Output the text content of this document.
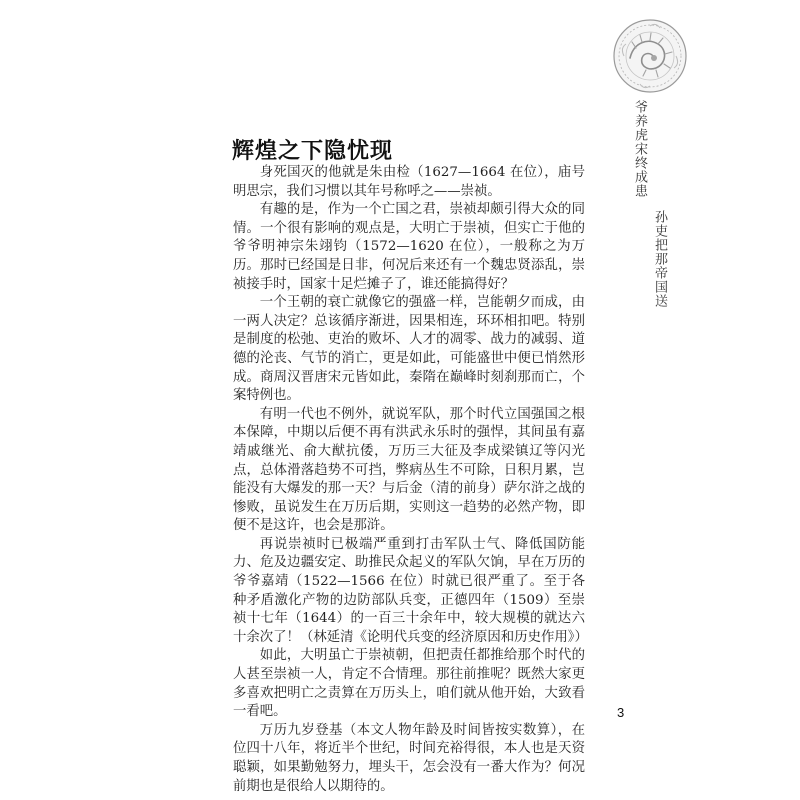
爷养虎宋终成患
孙吏把那帝国送
辉煌之下隐忧现

身死国灭的他就是朱由检（1627—1664 在位），庙号明思宗，我们习惯以其年号称呼之——崇祯。

有趣的是，作为一个亡国之君，崇祯却颇引得大众的同情。一个很有影响的观点是，大明亡于崇祯，但实亡于他的爷爷明神宗朱翊钧（1572—1620 在位），一般称之为万历。那时已经国是日非，何况后来还有一个魏忠贤添乱，崇祯接手时，国家十足烂摊子了，谁还能搞得好？

一个王朝的衰亡就像它的强盛一样，岂能朝夕而成，由一两人决定？总该循序渐进，因果相连，环环相扣吧。特别是制度的松弛、吏治的败坏、人才的凋零、战力的减弱、道德的沦丧、气节的消亡，更是如此，可能盛世中便已悄然形成。商周汉晋唐宋元皆如此，秦隋在巅峰时刻刹那而亡，个案特例也。

有明一代也不例外，就说军队，那个时代立国强国之根本保障，中期以后便不再有洪武永乐时的强悍，其间虽有嘉靖戚继光、俞大猷抗倭，万历三大征及李成梁镇辽等闪光点，总体滑落趋势不可挡，弊病丛生不可除，日积月累，岂能没有大爆发的那一天？与后金（清的前身）萨尔浒之战的惨败，虽说发生在万历后期，实则这一趋势的必然产物，即便不是这许，也会是那浒。

再说崇祯时已极端严重到打击军队士气、降低国防能力、危及边疆安定、助推民众起义的军队欠饷，早在万历的爷爷嘉靖（1522—1566 在位）时就已很严重了。至于各种矛盾激化产物的边防部队兵变，正德四年（1509）至崇祯十七年（1644）的一百三十余年中，较大规模的就达六十余次了！（林延清《论明代兵变的经济原因和历史作用》）

如此，大明虽亡于崇祯朝，但把责任都推给那个时代的人甚至崇祯一人，肯定不合情理。那往前推呢？既然大家更多喜欢把明亡之责算在万历头上，咱们就从他开始，大致看一看吧。

万历九岁登基（本文人物年龄及时间皆按实数算），在位四十八年，将近半个世纪，时间充裕得很，本人也是天资聪颖，如果勤勉努力，埋头干，怎会没有一番大作为？何况前期也是很给人以期待的。

3
